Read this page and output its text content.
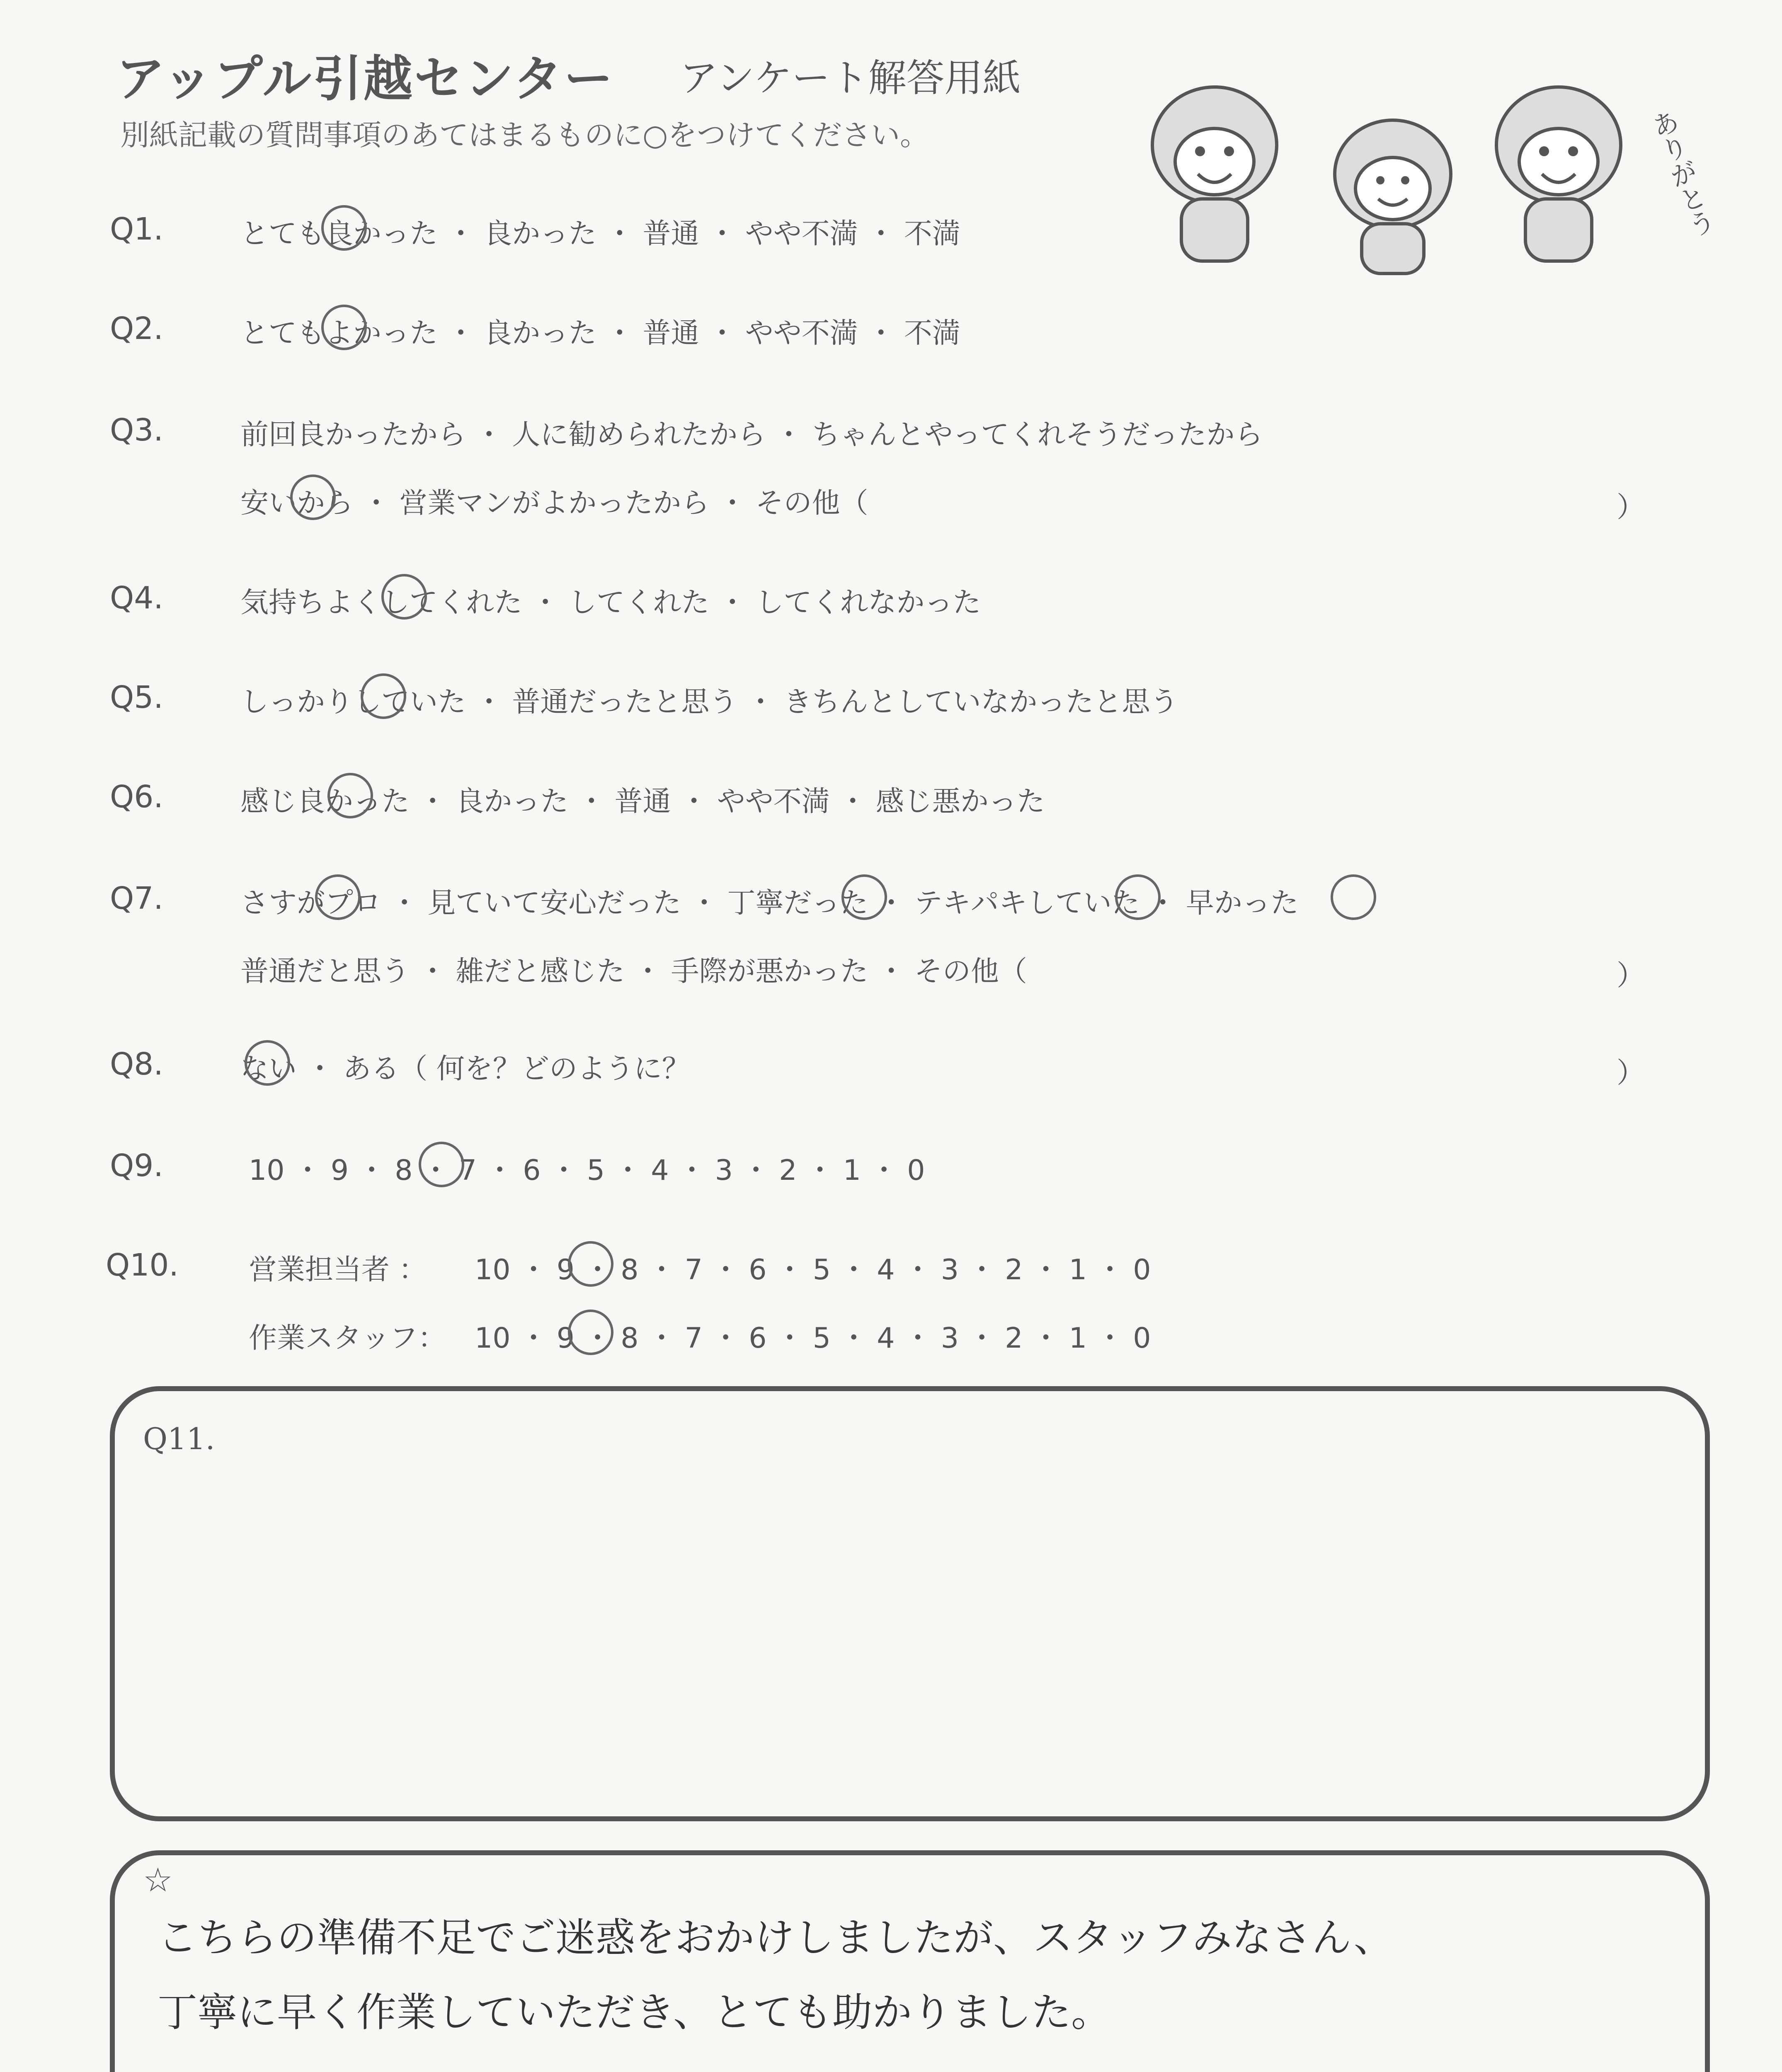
アップル引越センター アンケート解答用紙
別紙記載の質問事項のあてはまるものに○をつけてください。	ありがとう
Q1.	とても良かった ・ 良かった ・ 普通 ・ やや不満 ・ 不満
Q2.	とてもよかった ・ 良かった ・ 普通 ・ やや不満 ・ 不満
Q3.	前回良かったから ・ 人に勧められたから ・ ちゃんとやってくれそうだったから
安いから ・ 営業マンがよかったから ・ その他（	）
Q4.	気持ちよくしてくれた ・ してくれた ・ してくれなかった
Q5.	しっかりしていた ・ 普通だったと思う ・ きちんとしていなかったと思う
Q6.	感じ良かった ・ 良かった ・ 普通 ・ やや不満 ・ 感じ悪かった
Q7.	さすがプロ ・ 見ていて安心だった ・ 丁寧だった ・ テキパキしていた ・ 早かった
普通だと思う ・ 雑だと感じた ・ 手際が悪かった ・ その他（	）
Q8.	ない ・ ある（ 何を？どのように？	）
Q9.	10 ・ 9 ・ 8 ・ 7 ・ 6 ・ 5 ・ 4 ・ 3 ・ 2 ・ 1 ・ 0
Q10. 営業担当者 ： 10 ・ 9 ・ 8 ・ 7 ・ 6 ・ 5 ・ 4 ・ 3 ・ 2 ・ 1 ・ 0
作業スタッフ： 10 ・ 9 ・ 8 ・ 7 ・ 6 ・ 5 ・ 4 ・ 3 ・ 2 ・ 1 ・ 0
Q11.
☆
こちらの準備不足でご迷惑をおかけしましたが、スタッフみなさん、
丁寧に早く作業していただき、とても助かりました。
